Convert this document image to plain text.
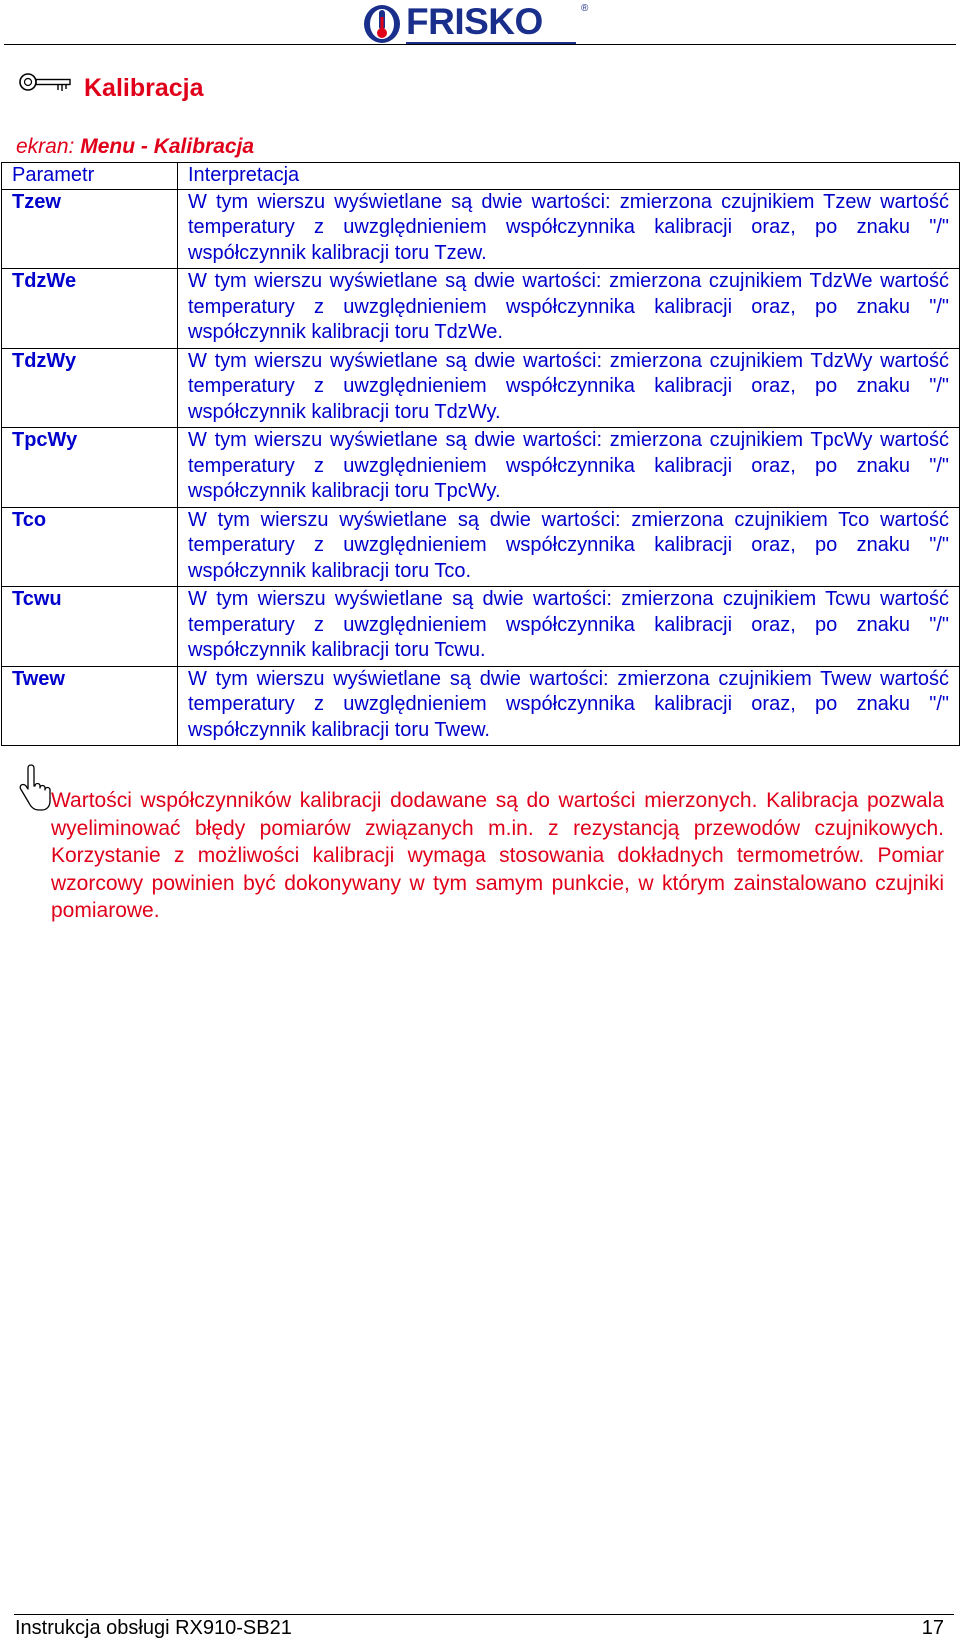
FRISKO	®
Kalibracja
ekran: Menu - Kalibracja
Parametr	Interpretacja
Tzew	W tym wierszu wyświetlane są dwie wartości: zmierzona czujnikiem Tzew wartość temperatury z uwzględnieniem współczynnika kalibracji oraz, po znaku "/" współczynnik kalibracji toru Tzew.
TdzWe	W tym wierszu wyświetlane są dwie wartości: zmierzona czujnikiem TdzWe wartość temperatury z uwzględnieniem współczynnika kalibracji oraz, po znaku "/" współczynnik kalibracji toru TdzWe.
TdzWy	W tym wierszu wyświetlane są dwie wartości: zmierzona czujnikiem TdzWy wartość temperatury z uwzględnieniem współczynnika kalibracji oraz, po znaku "/" współczynnik kalibracji toru TdzWy.
TpcWy	W tym wierszu wyświetlane są dwie wartości: zmierzona czujnikiem TpcWy wartość temperatury z uwzględnieniem współczynnika kalibracji oraz, po znaku "/" współczynnik kalibracji toru TpcWy.
Tco	W tym wierszu wyświetlane są dwie wartości: zmierzona czujnikiem Tco wartość temperatury z uwzględnieniem współczynnika kalibracji oraz, po znaku "/" współczynnik kalibracji toru Tco.
Tcwu	W tym wierszu wyświetlane są dwie wartości: zmierzona czujnikiem Tcwu wartość temperatury z uwzględnieniem współczynnika kalibracji oraz, po znaku "/" współczynnik kalibracji toru Tcwu.
Twew	W tym wierszu wyświetlane są dwie wartości: zmierzona czujnikiem Twew wartość temperatury z uwzględnieniem współczynnika kalibracji oraz, po znaku "/" współczynnik kalibracji toru Twew.
Wartości współczynników kalibracji dodawane są do wartości mierzonych. Kalibracja pozwala wyeliminować błędy pomiarów związanych m.in. z rezystancją przewodów czujnikowych. Korzystanie z możliwości kalibracji wymaga stosowania dokładnych termometrów. Pomiar wzorcowy powinien być dokonywany w tym samym punkcie, w którym zainstalowano czujniki pomiarowe.
Instrukcja obsługi RX910-SB21	17
